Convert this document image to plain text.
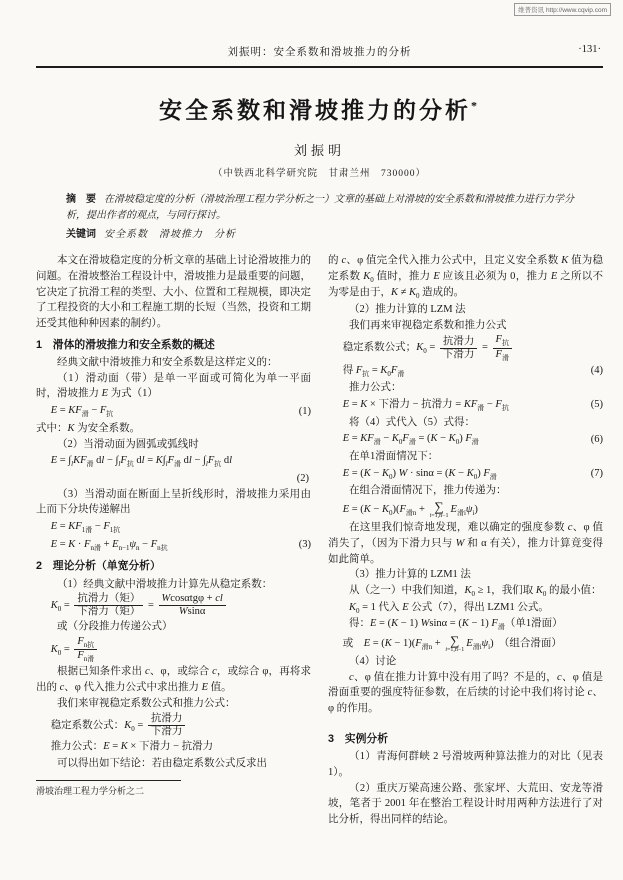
维普资讯 http://www.cqvip.com
刘振明：安全系数和滑坡推力的分析	·131·
安全系数和滑坡推力的分析*
刘振明
（中铁西北科学研究院　甘肃兰州　730000）
摘　要 在滑坡稳定度的分析（滑坡治理工程力学分析之一）文章的基础上对滑坡的安全系数和滑坡推力进行力学分析，提出作者的观点，与同行探讨。
关键词 安全系数　滑坡推力　分析

本文在滑坡稳定度的分析文章的基础上讨论滑坡推力的问题。在滑坡整治工程设计中，滑坡推力是最重要的问题，它决定了抗滑工程的类型、大小、位置和工程规模，即决定了工程投资的大小和工程施工期的长短（当然，投资和工期还受其他种种因素的制约）。

1　滑体的滑坡推力和安全系数的概述

经典文献中滑坡推力和安全系数是这样定义的：

（1）滑动面（带）是单一平面或可简化为单一平面时，滑坡推力 E 为式（1）

$E = KF_滑 - F_抗$	(1)

式中：K 为安全系数。

（2）当滑动面为圆弧或弧线时

$E = \int_lKF_滑$ dl − $\int_lF_抗$ dl = $K\int_lF_滑$ dl − $\int_lF_抗$ dl
(2)

（3）当滑动面在断面上呈折线形时，滑坡推力采用由上而下分块传递解出

$E = KF_{1滑} - F_{1抗}$
$E = K \cdot F_{n滑} + E_{n-1}\psi_n - F_{n抗}$	(3)

2　理论分析（单宽分析）

（1）经典文献中滑坡推力计算先从稳定系数：

$K_0$ =
抗滑力（矩）
下滑力（矩）
=
Wcosαtgφ + cl
Wsinα

或（分段推力传递公式）

$K_0$ =
$F_{n抗}$
$F_{n滑}$

根据已知条件求出 c、φ，或综合 c，或综合 φ，再将求出的 c、φ 代入推力公式中求出推力 E 值。

我们来审视稳定系数公式和推力公式：

稳定系数公式：$K_0$ =
抗滑力
下滑力
推力公式：E = K × 下滑力 − 抗滑力

可以得出如下结论：若由稳定系数公式反求出

滑坡治理工程力学分析之二

的 c、φ 值完全代入推力公式中，且定义安全系数 K 值为稳定系数 $K_0$ 值时，推力 E 应该且必须为 0，推力 E 之所以不为零是由于，$K \ne K_0$ 造成的。

（2）推力计算的 LZM 法

我们再来审视稳定系数和推力公式

稳定系数公式；$K_0$ =
抗滑力
下滑力
=
$F_抗$
$F_滑$
得 $F_抗 = K_0F_滑$	(4)

推力公式：

E = K × 下滑力 − 抗滑力 = $KF_滑 - F_抗$	(5)

将（4）式代入（5）式得：

$E = KF_滑 - K_0F_滑 = (K - K_0)$ $F_滑$	(6)

在单1滑面情况下：

$E = (K - K_0)$ $W \cdot \sin\alpha = (K - K_0)$ $F_滑$	(7)

在组合滑面情况下，推力传递为：

$E = (K - K_0)(F_{滑n}$ + ∑
i=1,n−1
$E_{滑i}\psi_i$)

在这里我们惊奇地发现，难以确定的强度参数 c、φ 值消失了，（因为下滑力只与 W 和 α 有关），推力计算竟变得如此简单。

（3）推力计算的 LZM1 法

从（之一）中我们知道，$K_0 \ge 1$，我们取 $K_0$ 的最小值：

$K_0 = 1$ 代入 E 公式（7），得出 LZM1 公式。

得：E = (K − 1) Wsinα = (K − 1) $F_滑$（单1滑面）

或　$E = (K - 1)(F_{滑n}$ + ∑
i=1,n−1
$E_{滑i}\psi_i$)　（组合滑面）

（4）讨论

c、φ 值在推力计算中没有用了吗？不是的，c、φ 值是滑面重要的强度特征参数，在后续的讨论中我们将讨论 c、φ 的作用。

3　实例分析

（1）青海何群峡 2 号滑坡两种算法推力的对比（见表1）。

（2）重庆万梁高速公路、张家坪、大荒田、安龙等滑坡，笔者于 2001 年在整治工程设计时用两种方法进行了对比分析，得出同样的结论。
